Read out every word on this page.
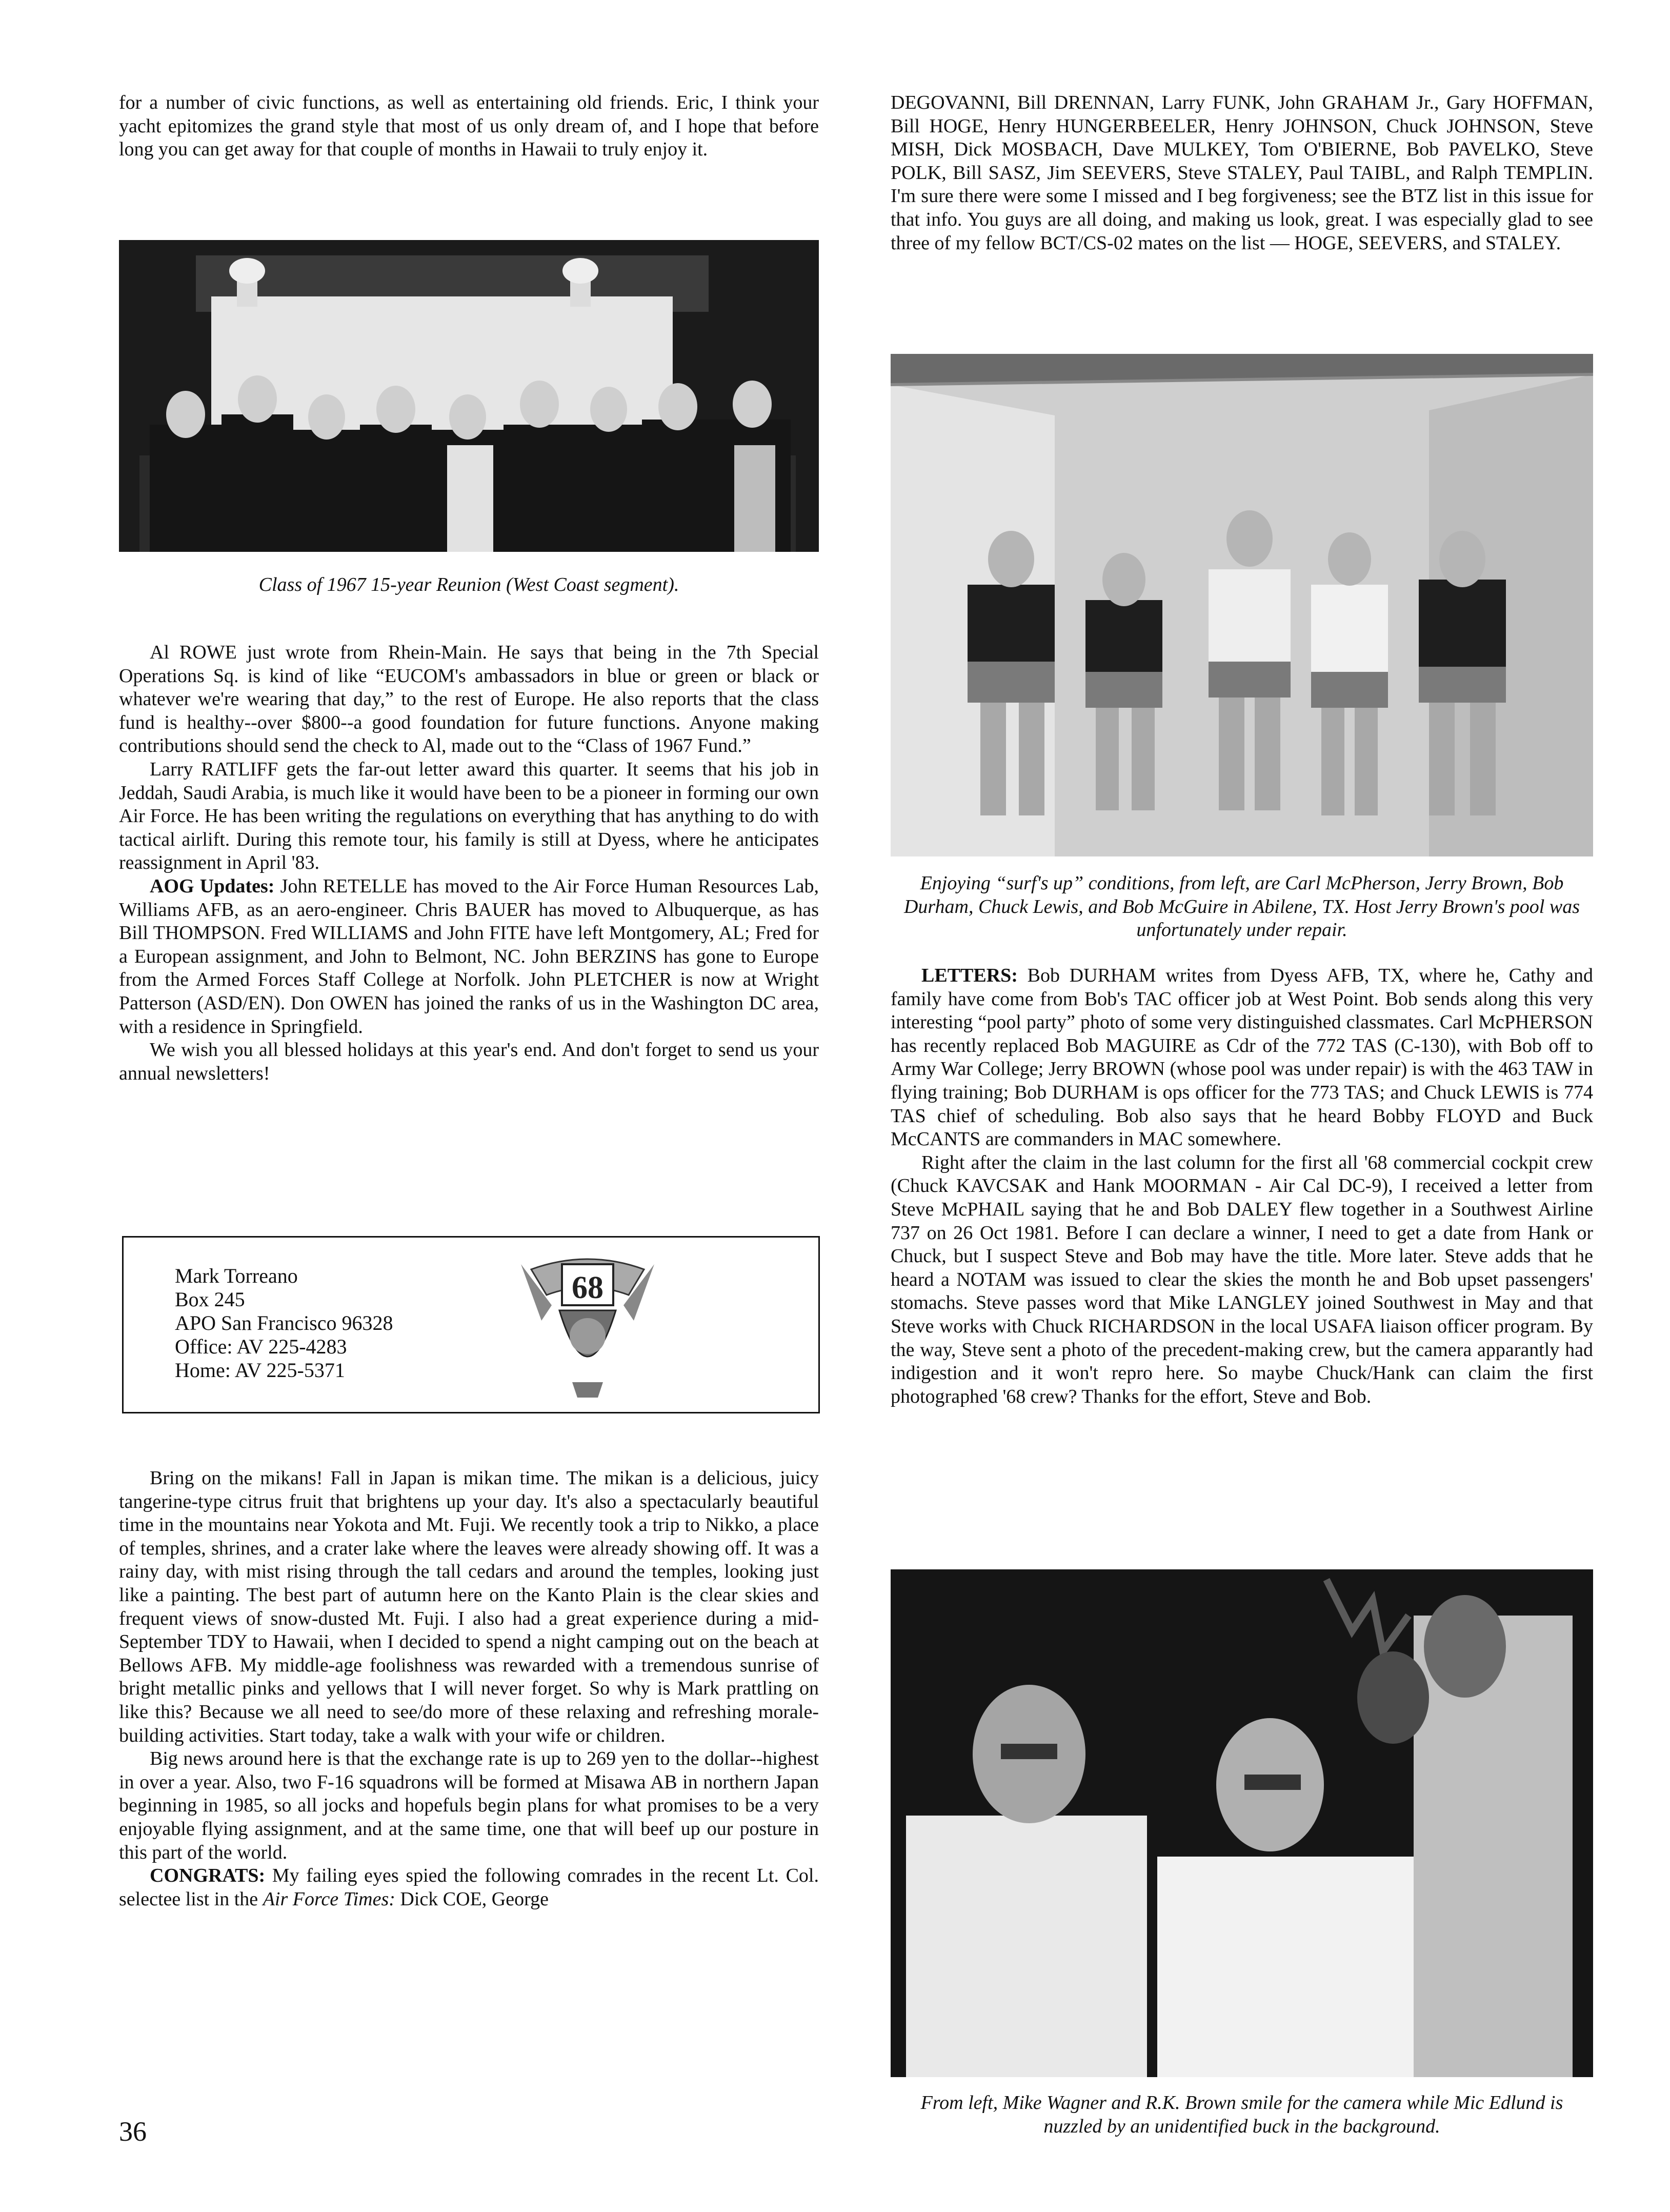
for a number of civic functions, as well as entertaining old friends. Eric, I think your yacht epitomizes the grand style that most of us only dream of, and I hope that before long you can get away for that couple of months in Hawaii to truly enjoy it.

Class of 1967 15-year Reunion (West Coast segment).

Al ROWE just wrote from Rhein-Main. He says that being in the 7th Special Operations Sq. is kind of like “EUCOM's ambassadors in blue or green or black or whatever we're wearing that day,” to the rest of Europe. He also reports that the class fund is healthy--over $800--a good foundation for future functions. Anyone making contributions should send the check to Al, made out to the “Class of 1967 Fund.”

Larry RATLIFF gets the far-out letter award this quarter. It seems that his job in Jeddah, Saudi Arabia, is much like it would have been to be a pioneer in forming our own Air Force. He has been writing the regulations on everything that has anything to do with tactical airlift. During this remote tour, his family is still at Dyess, where he anticipates reassignment in April '83.

AOG Updates: John RETELLE has moved to the Air Force Human Resources Lab, Williams AFB, as an aero-engineer. Chris BAUER has moved to Albuquerque, as has Bill THOMPSON. Fred WILLIAMS and John FITE have left Montgomery, AL; Fred for a European assignment, and John to Belmont, NC. John BERZINS has gone to Europe from the Armed Forces Staff College at Norfolk. John PLETCHER is now at Wright Patterson (ASD/EN). Don OWEN has joined the ranks of us in the Washington DC area, with a residence in Springfield.

We wish you all blessed holidays at this year's end. And don't forget to send us your annual newsletters!

Mark Torreano
Box 245
APO San Francisco 96328
Office: AV 225-4283
Home: AV 225-5371
68

Bring on the mikans! Fall in Japan is mikan time. The mikan is a delicious, juicy tangerine-type citrus fruit that brightens up your day. It's also a spectacularly beautiful time in the mountains near Yokota and Mt. Fuji. We recently took a trip to Nikko, a place of temples, shrines, and a crater lake where the leaves were already showing off. It was a rainy day, with mist rising through the tall cedars and around the temples, looking just like a painting. The best part of autumn here on the Kanto Plain is the clear skies and frequent views of snow-dusted Mt. Fuji. I also had a great experience during a mid-September TDY to Hawaii, when I decided to spend a night camping out on the beach at Bellows AFB. My middle-age foolishness was rewarded with a tremendous sunrise of bright metallic pinks and yellows that I will never forget. So why is Mark prattling on like this? Because we all need to see/do more of these relaxing and refreshing morale-building activities. Start today, take a walk with your wife or children.

Big news around here is that the exchange rate is up to 269 yen to the dollar--highest in over a year. Also, two F-16 squadrons will be formed at Misawa AB in northern Japan beginning in 1985, so all jocks and hopefuls begin plans for what promises to be a very enjoyable flying assignment, and at the same time, one that will beef up our posture in this part of the world.

CONGRATS: My failing eyes spied the following comrades in the recent Lt. Col. selectee list in the Air Force Times: Dick COE, George

36

DEGOVANNI, Bill DRENNAN, Larry FUNK, John GRAHAM Jr., Gary HOFFMAN, Bill HOGE, Henry HUNGERBEELER, Henry JOHNSON, Chuck JOHNSON, Steve MISH, Dick MOSBACH, Dave MULKEY, Tom O'BIERNE, Bob PAVELKO, Steve POLK, Bill SASZ, Jim SEEVERS, Steve STALEY, Paul TAIBL, and Ralph TEMPLIN. I'm sure there were some I missed and I beg forgiveness; see the BTZ list in this issue for that info. You guys are all doing, and making us look, great. I was especially glad to see three of my fellow BCT/CS-02 mates on the list — HOGE, SEEVERS, and STALEY.

Enjoying “surf's up” conditions, from left, are Carl McPherson, Jerry Brown, Bob Durham, Chuck Lewis, and Bob McGuire in Abilene, TX. Host Jerry Brown's pool was unfortunately under repair.

LETTERS: Bob DURHAM writes from Dyess AFB, TX, where he, Cathy and family have come from Bob's TAC officer job at West Point. Bob sends along this very interesting “pool party” photo of some very distinguished classmates. Carl McPHERSON has recently replaced Bob MAGUIRE as Cdr of the 772 TAS (C-130), with Bob off to Army War College; Jerry BROWN (whose pool was under repair) is with the 463 TAW in flying training; Bob DURHAM is ops officer for the 773 TAS; and Chuck LEWIS is 774 TAS chief of scheduling. Bob also says that he heard Bobby FLOYD and Buck McCANTS are commanders in MAC somewhere.

Right after the claim in the last column for the first all '68 commercial cockpit crew (Chuck KAVCSAK and Hank MOORMAN - Air Cal DC-9), I received a letter from Steve McPHAIL saying that he and Bob DALEY flew together in a Southwest Airline 737 on 26 Oct 1981. Before I can declare a winner, I need to get a date from Hank or Chuck, but I suspect Steve and Bob may have the title. More later. Steve adds that he heard a NOTAM was issued to clear the skies the month he and Bob upset passengers' stomachs. Steve passes word that Mike LANGLEY joined Southwest in May and that Steve works with Chuck RICHARDSON in the local USAFA liaison officer program. By the way, Steve sent a photo of the precedent-making crew, but the camera apparantly had indigestion and it won't repro here. So maybe Chuck/Hank can claim the first photographed '68 crew? Thanks for the effort, Steve and Bob.

From left, Mike Wagner and R.K. Brown smile for the camera while Mic Edlund is nuzzled by an unidentified buck in the background.
